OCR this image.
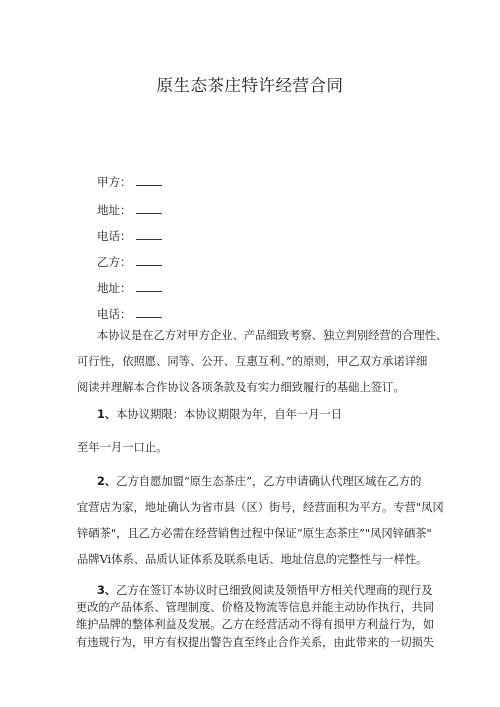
原生态茶庄特许经营合同
甲方：
地址：
电话：
乙方：
地址：
电话：
本协议是在乙方对甲方企业、产品细致考察、独立判别经营的合理性、
可行性，依照愿、同等、公开、互惠互利、”的原则，甲乙双方承诺详细
阅读并理解本合作协议各项条款及有实力细致履行的基础上签订。
1、本协议期限：本协议期限为年，自年一月一日
至年一月一口止。
2、乙方自愿加盟“原生态茶庄”，乙方申请确认代理区域在乙方的
宜营店为家，地址确认为省市县（区）街号，经营面积为平方。专营"凤冈
锌硒茶"，且乙方必需在经营销售过程中保证“原生态茶庄”"凤冈锌硒茶"
品牌Vi体系、品质认证体系及联系电话、地址信息的完整性与一样性。
3、乙方在签订本协议时已细致阅读及领悟甲方相关代理商的现行及
更改的产品体系、管理制度、价格及物流等信息并能主动协作执行，共同
维护品牌的整体利益及发展。乙方在经营活动不得有损甲方利益行为，如
有违规行为，甲方有权提出警告直至终止合作关系，由此带来的一切损失
